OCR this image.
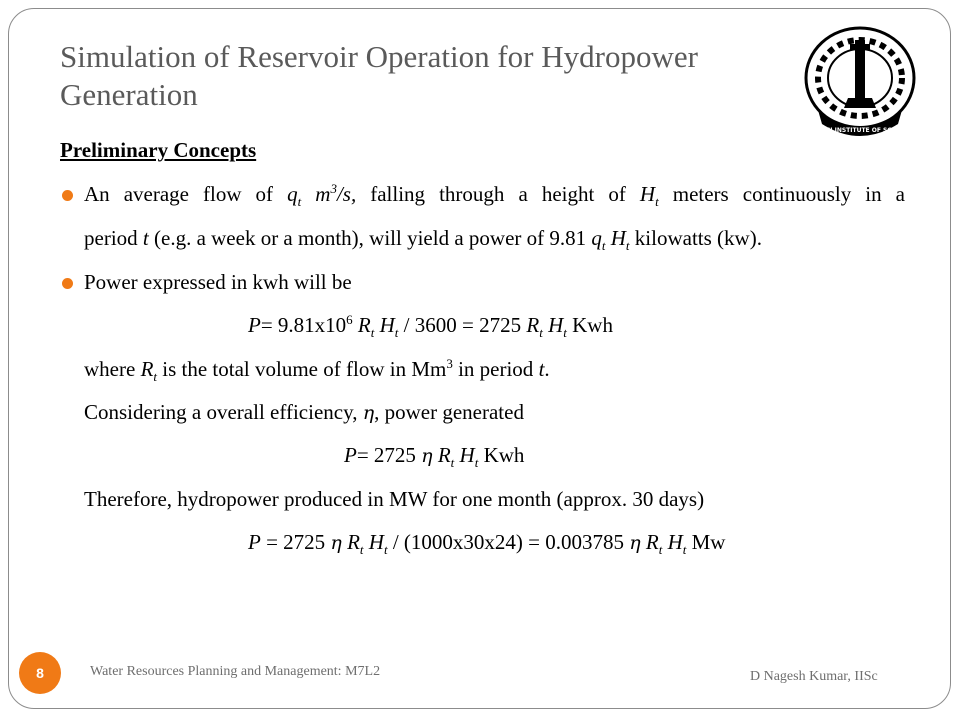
Simulation of Reservoir Operation for Hydropower Generation
INDIAN INSTITUTE OF SCIENCE
Preliminary Concepts
An average flow of $q_t$ $m^3/s$, falling through a height of $H_t$ meters continuously in a
period t (e.g. a week or a month), will yield a power of 9.81 $q_t$ $H_t$ kilowatts (kw).
Power expressed in kwh will be
$P= 9.81x10^6$ $R_t$ $H_t / 3600 = 2725$ $R_t$ $H_t$ Kwh
where $R_t$ is the total volume of flow in Mm$^3$ in period t.
Considering a overall efficiency, η, power generated
P= 2725 η $R_t$ $H_t$ Kwh
Therefore, hydropower produced in MW for one month (approx. 30 days)
P = 2725 η $R_t$ $H_t / (1000x30x24) = 0.003785$ η $R_t$ $H_t$ Mw
8	Water Resources Planning and Management: M7L2	D Nagesh Kumar, IISc
